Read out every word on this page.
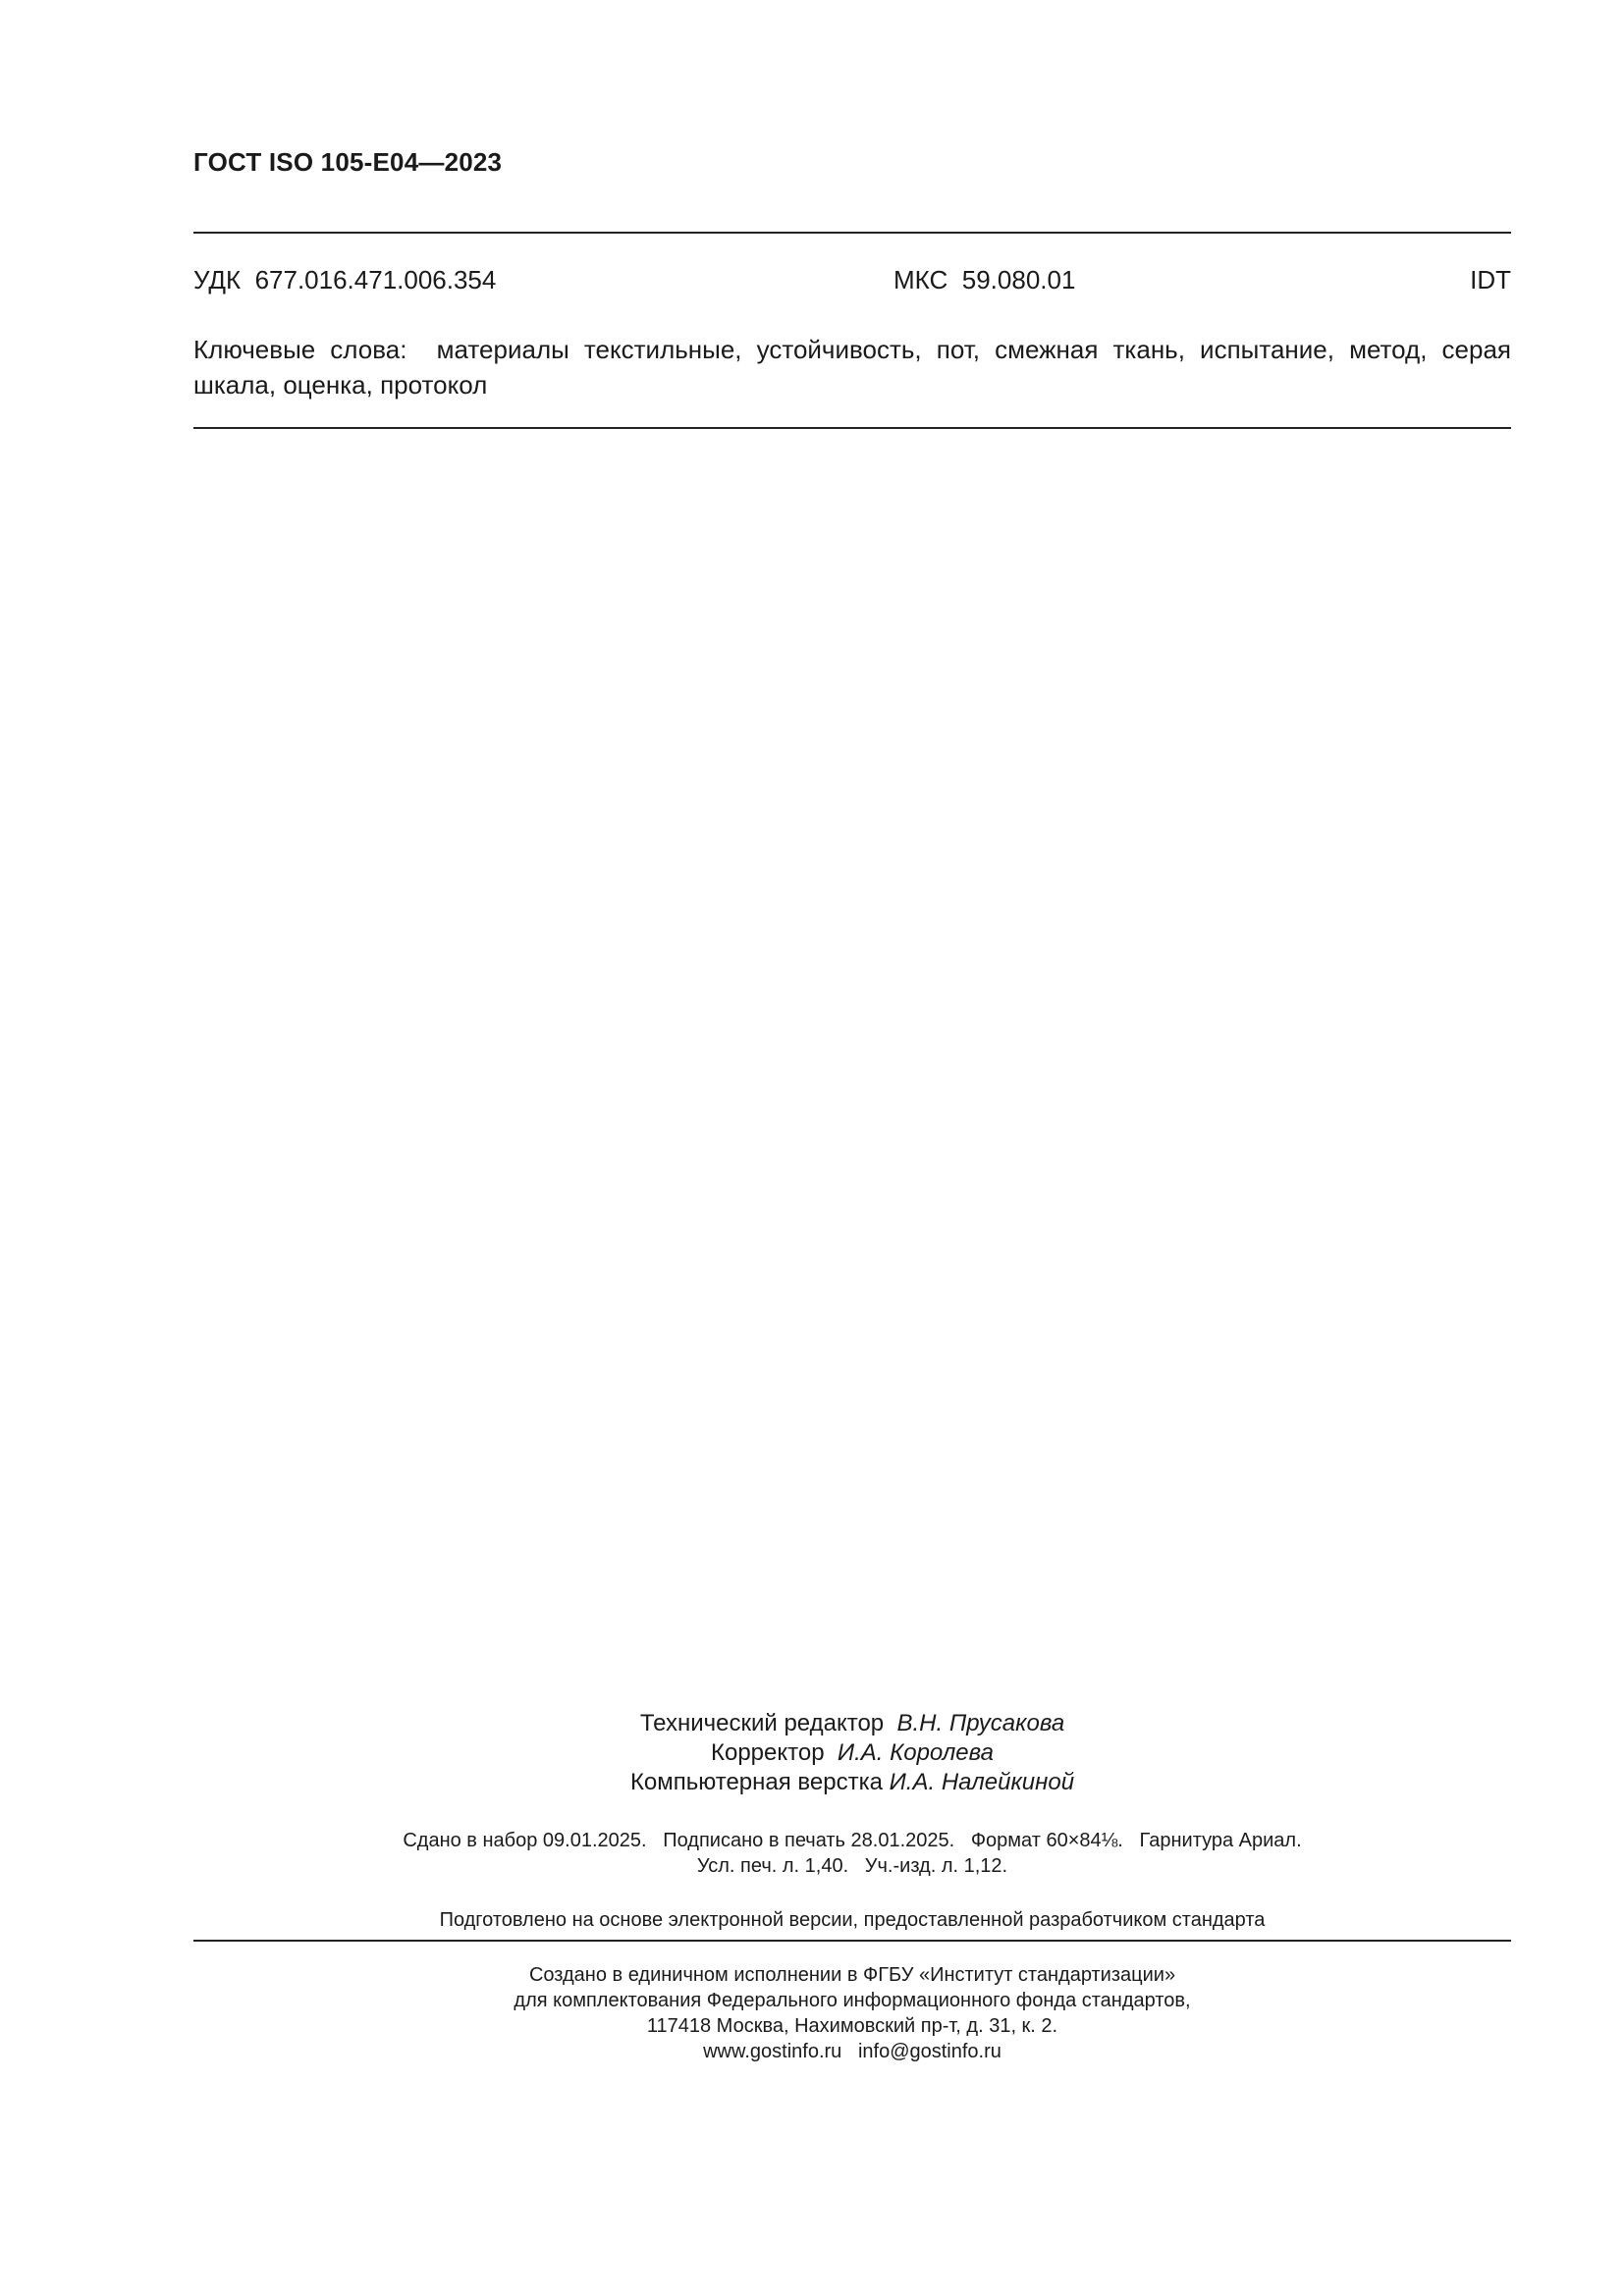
ГОСТ ISO 105-E04—2023
УДК 677.016.471.006.354	МКС 59.080.01	IDT
Ключевые слова: материалы текстильные, устойчивость, пот, смежная ткань, испытание, метод, серая шкала, оценка, протокол
Технический редактор В.Н. Прусакова
Корректор И.А. Королева
Компьютерная верстка И.А. Налейкиной
Сдано в набор 09.01.2025.   Подписано в печать 28.01.2025.   Формат 60×84⅛.   Гарнитура Ариал.
Усл. печ. л. 1,40.   Уч.-изд. л. 1,12.
Подготовлено на основе электронной версии, предоставленной разработчиком стандарта
Создано в единичном исполнении в ФГБУ «Институт стандартизации»
для комплектования Федерального информационного фонда стандартов,
117418 Москва, Нахимовский пр-т, д. 31, к. 2.
www.gostinfo.ru info@gostinfo.ru
